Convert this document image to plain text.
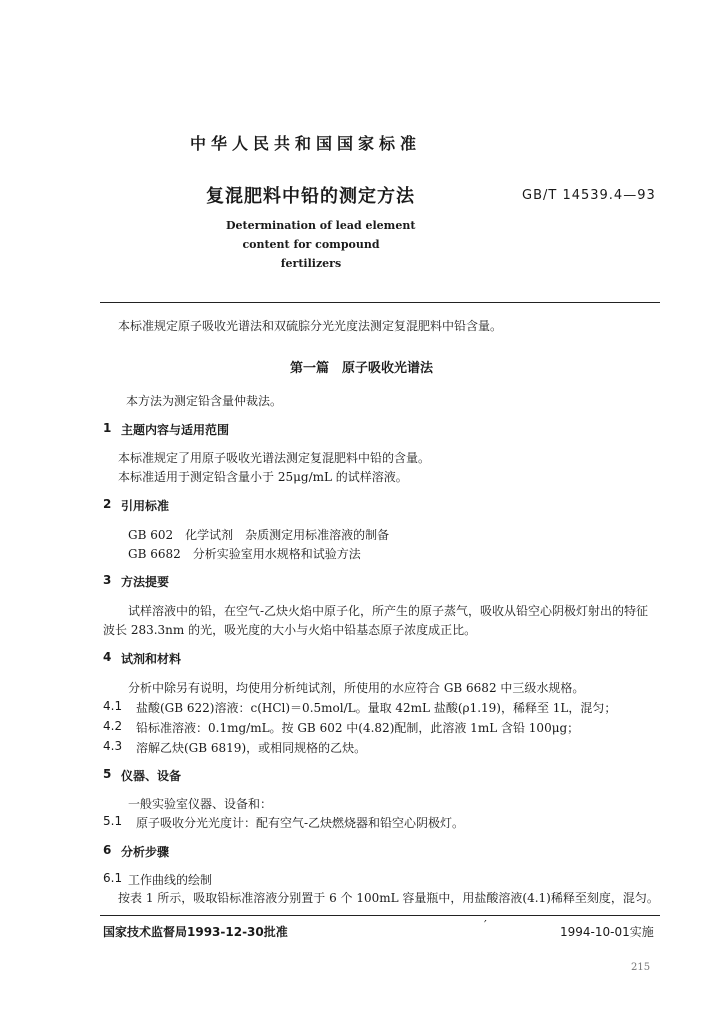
中华人民共和国国家标准
复混肥料中铅的测定方法	GB/T 14539.4—93
Determination of lead element
content for compound
fertilizers
本标准规定原子吸收光谱法和双硫腙分光光度法测定复混肥料中铅含量。
第一篇　原子吸收光谱法
本方法为测定铅含量仲裁法。
1 主题内容与适用范围
本标准规定了用原子吸收光谱法测定复混肥料中铅的含量。
本标准适用于测定铅含量小于 25μg/mL 的试样溶液。
2 引用标准
GB 602　化学试剂　杂质测定用标准溶液的制备
GB 6682　分析实验室用水规格和试验方法
3 方法提要
试样溶液中的铅，在空气-乙炔火焰中原子化，所产生的原子蒸气，吸收从铅空心阴极灯射出的特征
波长 283.3nm 的光，吸光度的大小与火焰中铅基态原子浓度成正比。
4 试剂和材料
分析中除另有说明，均使用分析纯试剂，所使用的水应符合 GB 6682 中三级水规格。
4.1 盐酸(GB 622)溶液：c(HCl)＝0.5mol/L。量取 42mL 盐酸(ρ1.19)，稀释至 1L，混匀；
4.2 铅标准溶液：0.1mg/mL。按 GB 602 中(4.82)配制，此溶液 1mL 含铅 100μg；
4.3 溶解乙炔(GB 6819)，或相同规格的乙炔。
5 仪器、设备
一般实验室仪器、设备和：
5.1 原子吸收分光光度计：配有空气-乙炔燃烧器和铅空心阴极灯。
6 分析步骤
6.1 工作曲线的绘制
按表 1 所示，吸取铅标准溶液分别置于 6 个 100mL 容量瓶中，用盐酸溶液(4.1)稀释至刻度，混匀。
国家技术监督局1993-12-30批准	′	1994-10-01实施
215
